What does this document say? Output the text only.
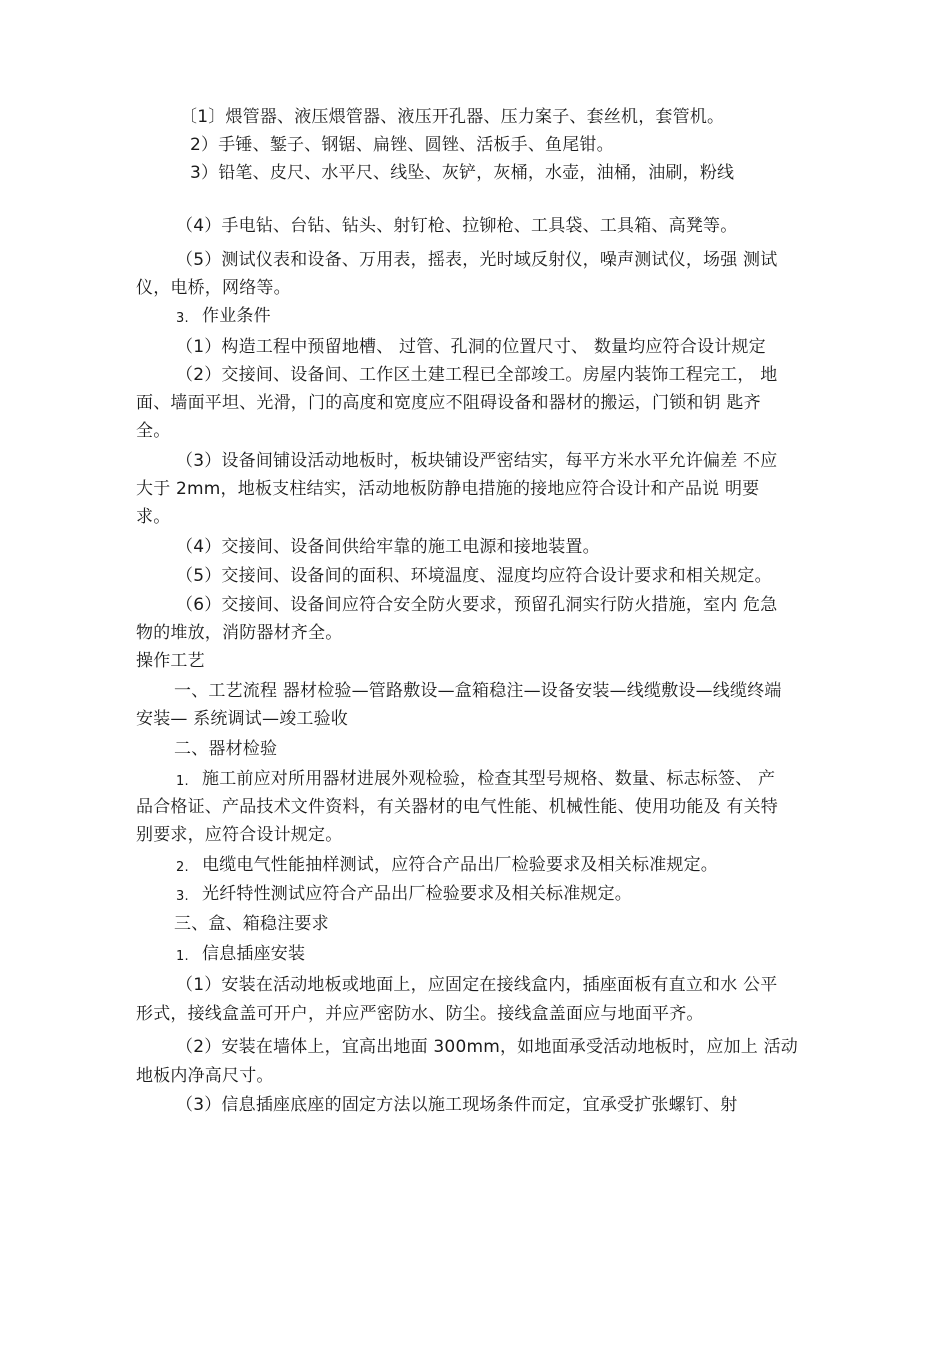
〔1〕煨管器、液压煨管器、液压开孔器、压力案子、套丝机，套管机。
2）手锤、錾子、钢锯、扁锉、圆锉、活板手、鱼尾钳。
3）铅笔、皮尺、水平尺、线坠、灰铲，灰桶，水壶，油桶，油刷，粉线
（4）手电钻、台钻、钻头、射钉枪、拉铆枪、工具袋、工具箱、高凳等。
（5）测试仪表和设备、万用表，摇表，光时域反射仪，噪声测试仪，场强 测试
仪，电桥，网络等。
3. 作业条件
（1）构造工程中预留地槽、 过管、孔洞的位置尺寸、 数量均应符合设计规定
（2）交接间、设备间、工作区土建工程已全部竣工。房屋内装饰工程完工， 地
面、墙面平坦、光滑，门的高度和宽度应不阻碍设备和器材的搬运，门锁和钥 匙齐
全。
（3）设备间铺设活动地板时，板块铺设严密结实，每平方米水平允许偏差 不应
大于 2mm，地板支柱结实，活动地板防静电措施的接地应符合设计和产品说 明要
求。
（4）交接间、设备间供给牢靠的施工电源和接地装置。
（5）交接间、设备间的面积、环境温度、湿度均应符合设计要求和相关规定。
（6）交接间、设备间应符合安全防火要求，预留孔洞实行防火措施，室内 危急
物的堆放，消防器材齐全。
操作工艺
一、工艺流程 器材检验—管路敷设—盒箱稳注—设备安装—线缆敷设—线缆终端
安装— 系统调试—竣工验收
二、器材检验
1. 施工前应对所用器材进展外观检验，检查其型号规格、数量、标志标签、 产
品合格证、产品技术文件资料，有关器材的电气性能、机械性能、使用功能及 有关特
别要求，应符合设计规定。
2. 电缆电气性能抽样测试，应符合产品出厂检验要求及相关标准规定。
3. 光纤特性测试应符合产品出厂检验要求及相关标准规定。
三、盒、箱稳注要求
1. 信息插座安装
（1）安装在活动地板或地面上，应固定在接线盒内，插座面板有直立和水 公平
形式，接线盒盖可开户，并应严密防水、防尘。接线盒盖面应与地面平齐。
（2）安装在墙体上，宜高出地面 300mm，如地面承受活动地板时，应加上 活动
地板内净高尺寸。
（3）信息插座底座的固定方法以施工现场条件而定，宜承受扩张螺钉、射
